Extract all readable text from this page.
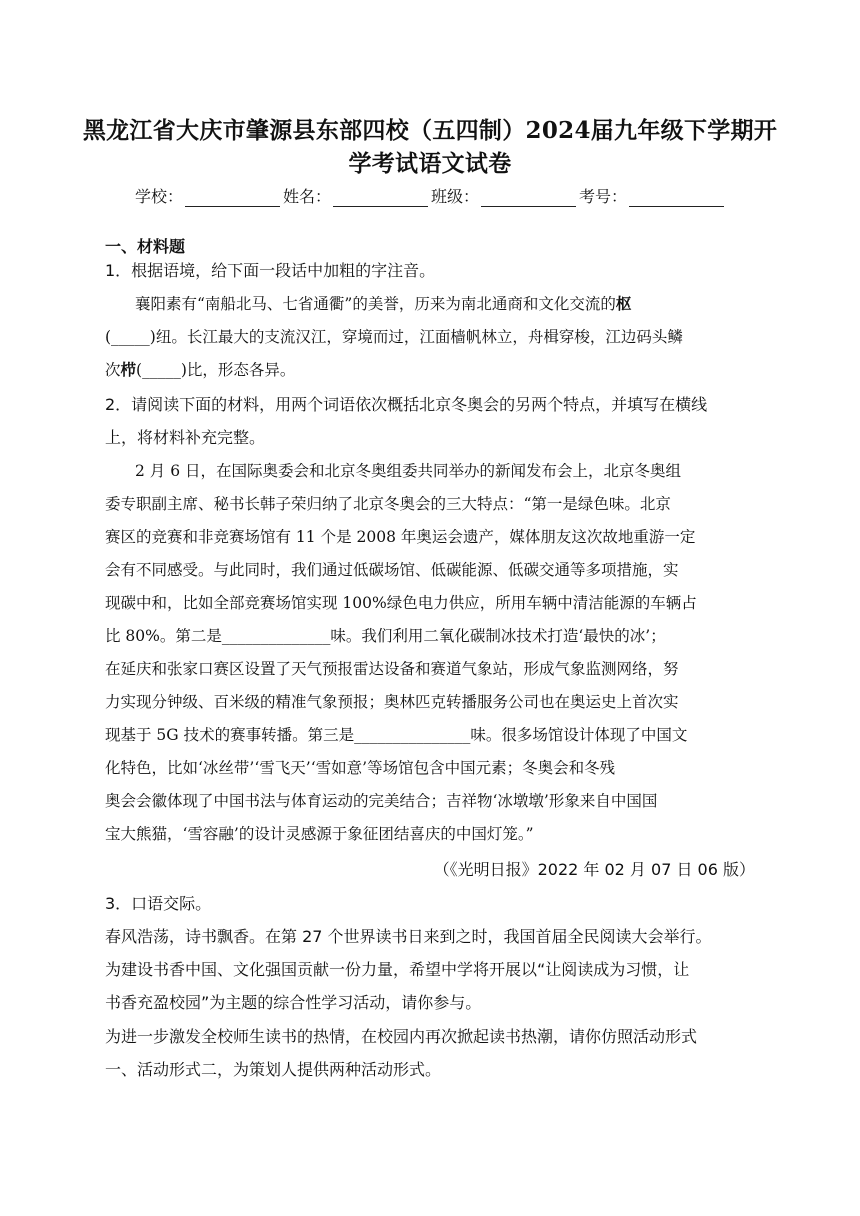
黑龙江省大庆市肇源县东部四校（五四制）2024届九年级下学期开
学考试语文试卷
学校：	姓名：	班级：	考号：
一、材料题
1．根据语境，给下面一段话中加粗的字注音。
襄阳素有“南船北马、七省通衢”的美誉，历来为南北通商和文化交流的枢
(_____)纽。长江最大的支流汉江，穿境而过，江面樯帆林立，舟楫穿梭，江边码头鳞
次栉(_____)比，形态各异。
2．请阅读下面的材料，用两个词语依次概括北京冬奥会的另两个特点，并填写在横线
上，将材料补充完整。
2 月 6 日，在国际奥委会和北京冬奥组委共同举办的新闻发布会上，北京冬奥组
委专职副主席、秘书长韩子荣归纳了北京冬奥会的三大特点：“第一是绿色味。北京
赛区的竞赛和非竞赛场馆有 11 个是 2008 年奥运会遗产，媒体朋友这次故地重游一定
会有不同感受。与此同时，我们通过低碳场馆、低碳能源、低碳交通等多项措施，实
现碳中和，比如全部竞赛场馆实现 100%绿色电力供应，所用车辆中清洁能源的车辆占
比 80%。第二是______________味。我们利用二氧化碳制冰技术打造‘最快的冰’；
在延庆和张家口赛区设置了天气预报雷达设备和赛道气象站，形成气象监测网络，努
力实现分钟级、百米级的精准气象预报；奥林匹克转播服务公司也在奥运史上首次实
现基于 5G 技术的赛事转播。第三是_______________味。很多场馆设计体现了中国文
化特色，比如‘冰丝带’‘雪飞天’‘雪如意’等场馆包含中国元素；冬奥会和冬残
奥会会徽体现了中国书法与体育运动的完美结合；吉祥物‘冰墩墩’形象来自中国国
宝大熊猫，‘雪容融’的设计灵感源于象征团结喜庆的中国灯笼。”
（《光明日报》2022 年 02 月 07 日 06 版）
3．口语交际。
春风浩荡，诗书飘香。在第 27 个世界读书日来到之时，我国首届全民阅读大会举行。
为建设书香中国、文化强国贡献一份力量，希望中学将开展以“让阅读成为习惯，让
书香充盈校园”为主题的综合性学习活动，请你参与。
为进一步激发全校师生读书的热情，在校园内再次掀起读书热潮，请你仿照活动形式
一、活动形式二，为策划人提供两种活动形式。
